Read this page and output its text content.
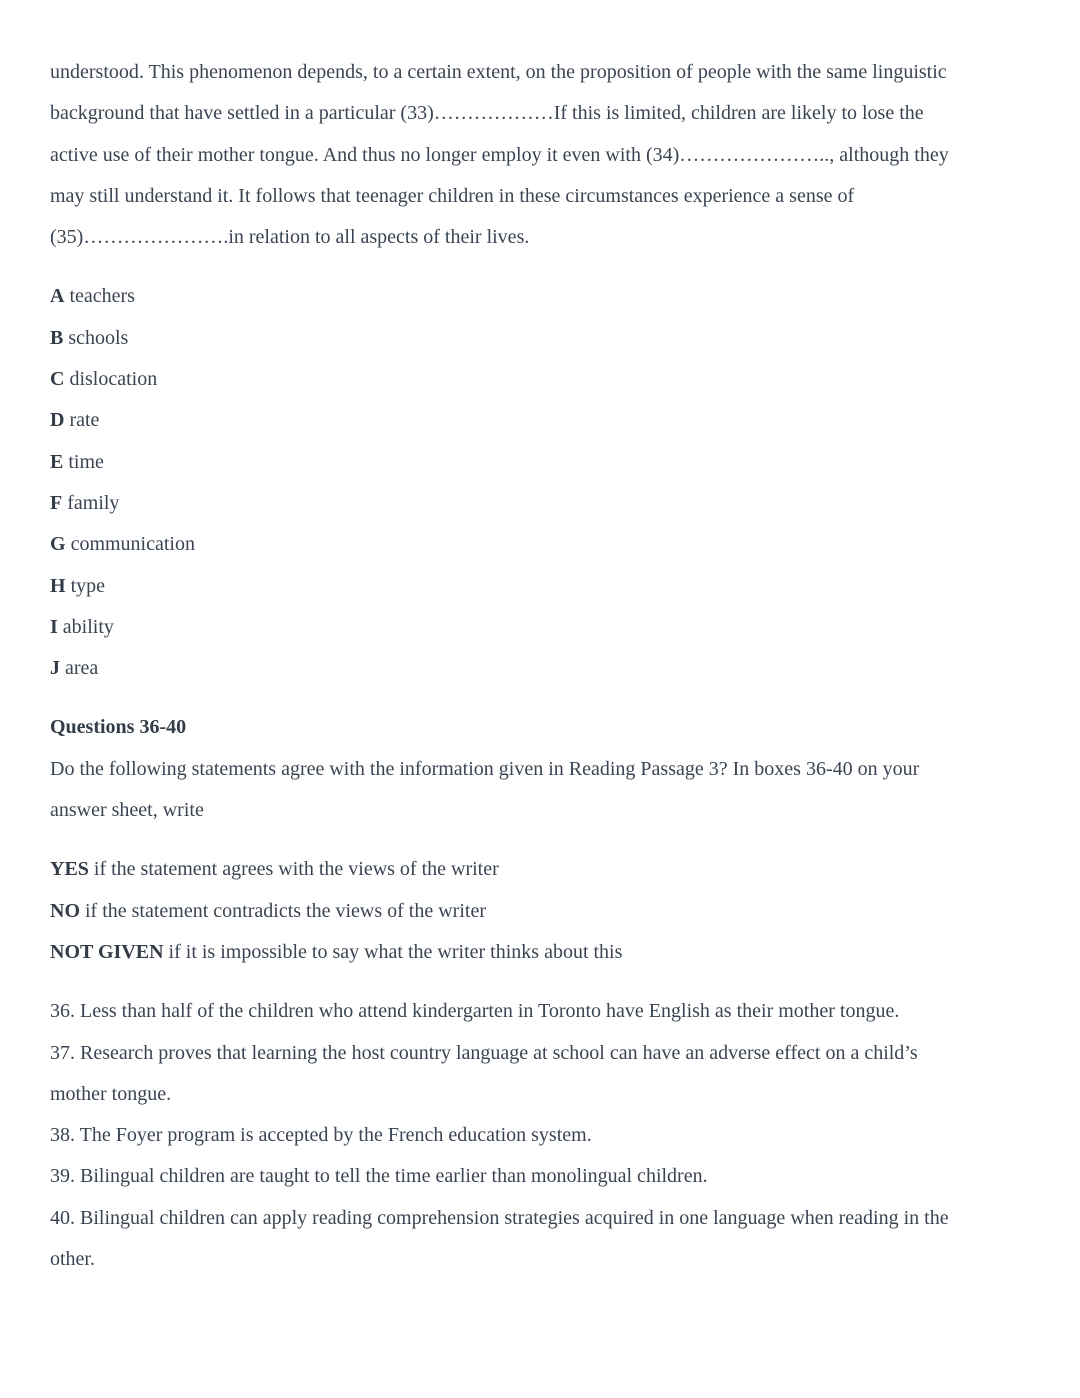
understood. This phenomenon depends, to a certain extent, on the proposition of people with the same linguistic
background that have settled in a particular (33)………………If this is limited, children are likely to lose the
active use of their mother tongue. And thus no longer employ it even with (34)………………….., although they
may still understand it. It follows that teenager children in these circumstances experience a sense of
(35)………………….in relation to all aspects of their lives.

A teachers

B schools

C dislocation

D rate

E time

F family

G communication

H type

I ability

J area

Questions 36-40

Do the following statements agree with the information given in Reading Passage 3? In boxes 36-40 on your

answer sheet, write

YES if the statement agrees with the views of the writer

NO if the statement contradicts the views of the writer

NOT GIVEN if it is impossible to say what the writer thinks about this

36. Less than half of the children who attend kindergarten in Toronto have English as their mother tongue.

37. Research proves that learning the host country language at school can have an adverse effect on a child’s

mother tongue.

38. The Foyer program is accepted by the French education system.

39. Bilingual children are taught to tell the time earlier than monolingual children.

40. Bilingual children can apply reading comprehension strategies acquired in one language when reading in the

other.
